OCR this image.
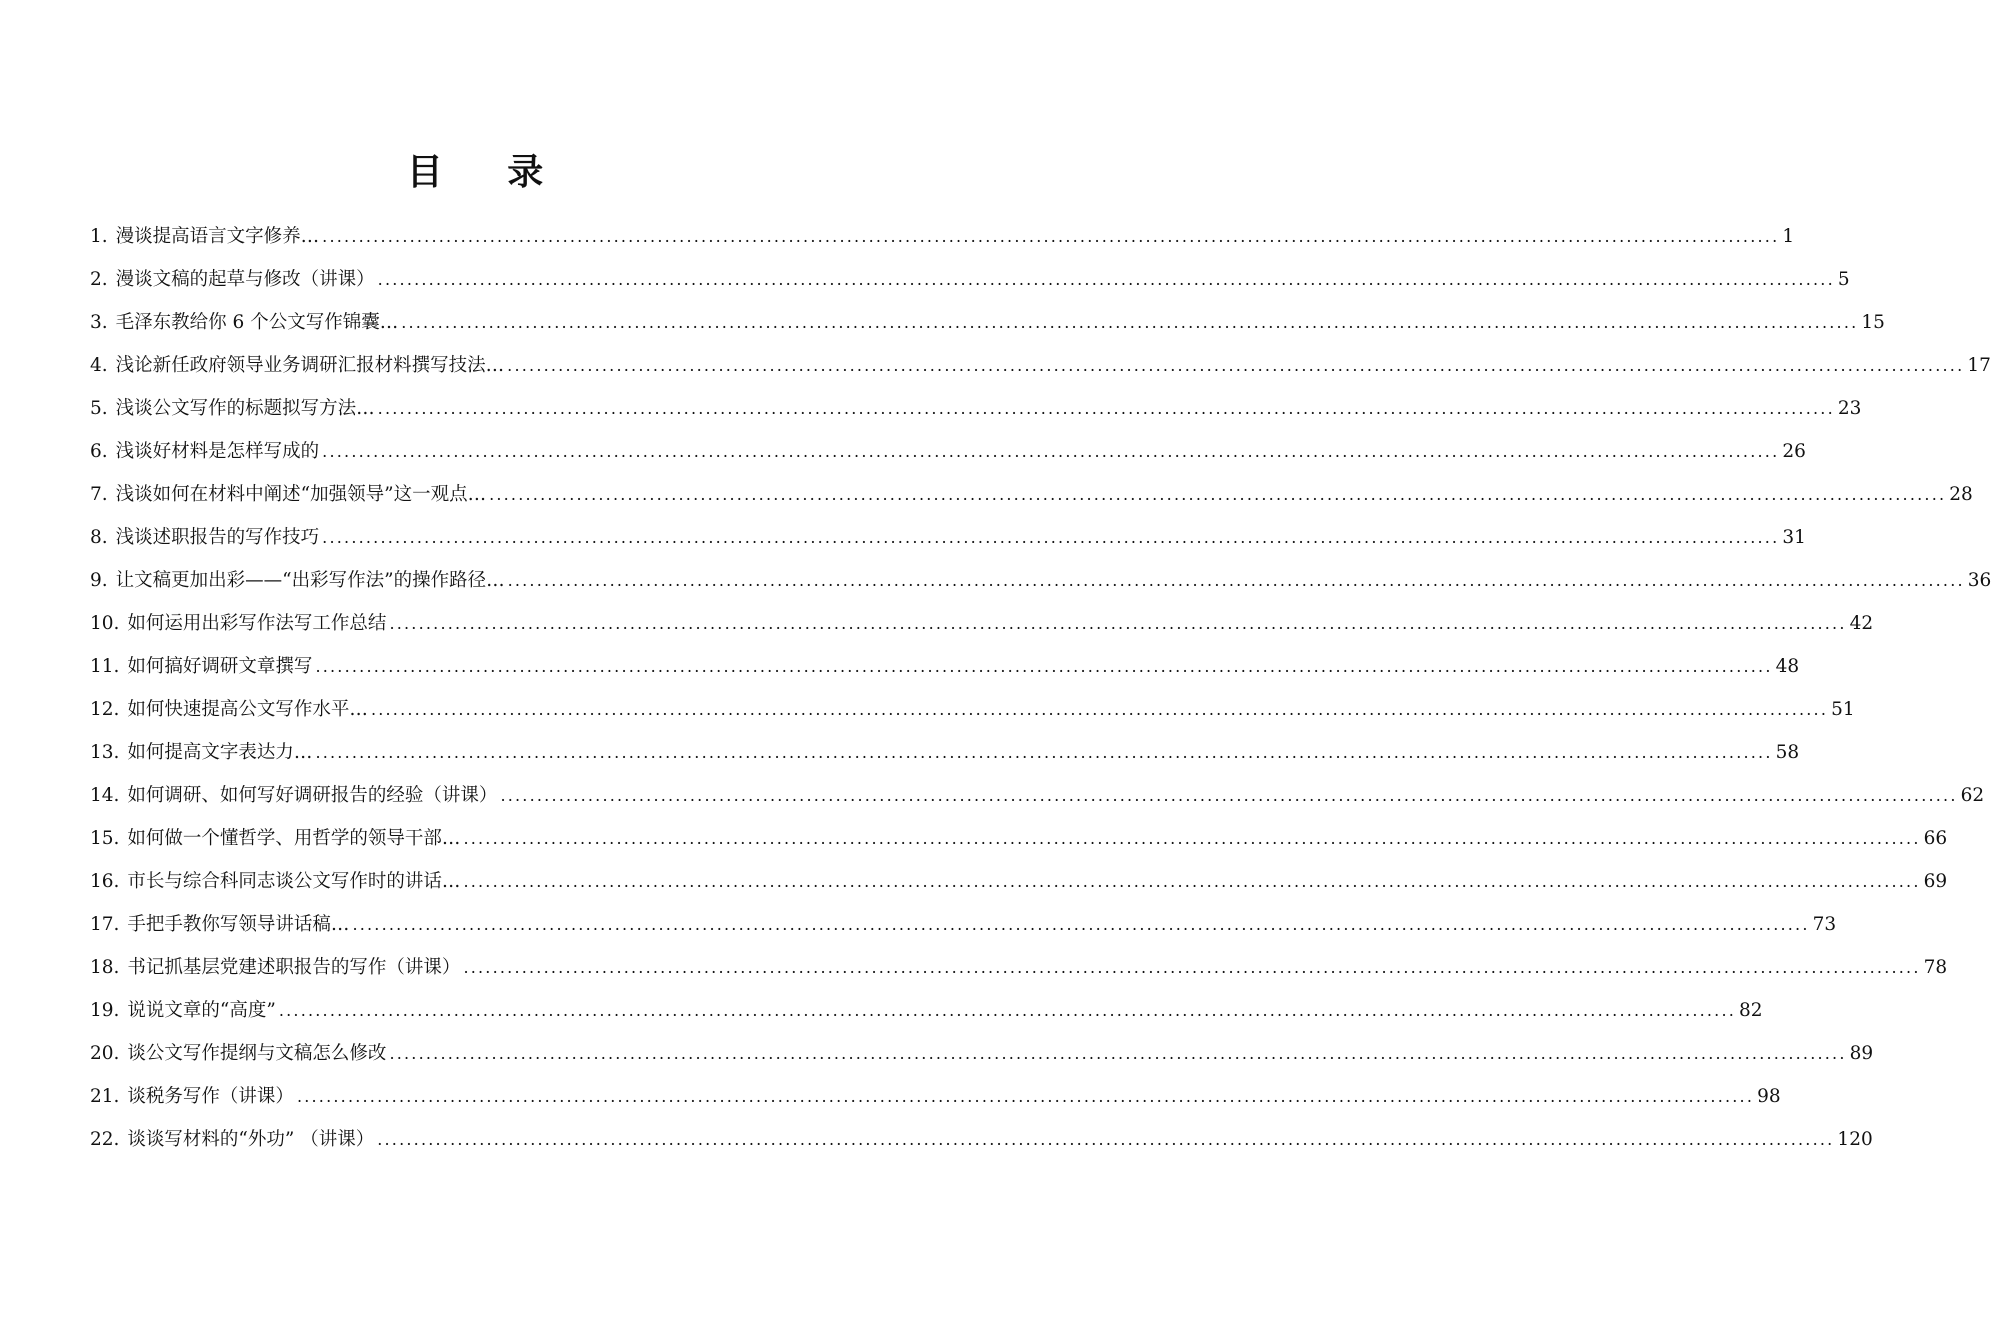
目 录
1. 漫谈提高语言文字修养… ........................................................................................................................................................................................................ 1
2. 漫谈文稿的起草与修改（讲课） ........................................................................................................................................................................................................ 5
3. 毛泽东教给你 6 个公文写作锦囊… ........................................................................................................................................................................................................ 15
4. 浅论新任政府领导业务调研汇报材料撰写技法… ........................................................................................................................................................................................................ 17
5. 浅谈公文写作的标题拟写方法… ........................................................................................................................................................................................................ 23
6. 浅谈好材料是怎样写成的 ........................................................................................................................................................................................................ 26
7. 浅谈如何在材料中阐述“加强领导”这一观点… ........................................................................................................................................................................................................ 28
8. 浅谈述职报告的写作技巧 ........................................................................................................................................................................................................ 31
9. 让文稿更加出彩——“出彩写作法”的操作路径… ........................................................................................................................................................................................................ 36
10. 如何运用出彩写作法写工作总结 ........................................................................................................................................................................................................ 42
11. 如何搞好调研文章撰写 ........................................................................................................................................................................................................ 48
12. 如何快速提高公文写作水平… ........................................................................................................................................................................................................ 51
13. 如何提高文字表达力… ........................................................................................................................................................................................................ 58
14. 如何调研、如何写好调研报告的经验（讲课） ........................................................................................................................................................................................................ 62
15. 如何做一个懂哲学、用哲学的领导干部… ........................................................................................................................................................................................................ 66
16. 市长与综合科同志谈公文写作时的讲话… ........................................................................................................................................................................................................ 69
17. 手把手教你写领导讲话稿… ........................................................................................................................................................................................................ 73
18. 书记抓基层党建述职报告的写作（讲课） ........................................................................................................................................................................................................ 78
19. 说说文章的“高度” ........................................................................................................................................................................................................ 82
20. 谈公文写作提纲与文稿怎么修改 ........................................................................................................................................................................................................ 89
21. 谈税务写作（讲课） ........................................................................................................................................................................................................ 98
22. 谈谈写材料的“外功” （讲课） ........................................................................................................................................................................................................ 120
